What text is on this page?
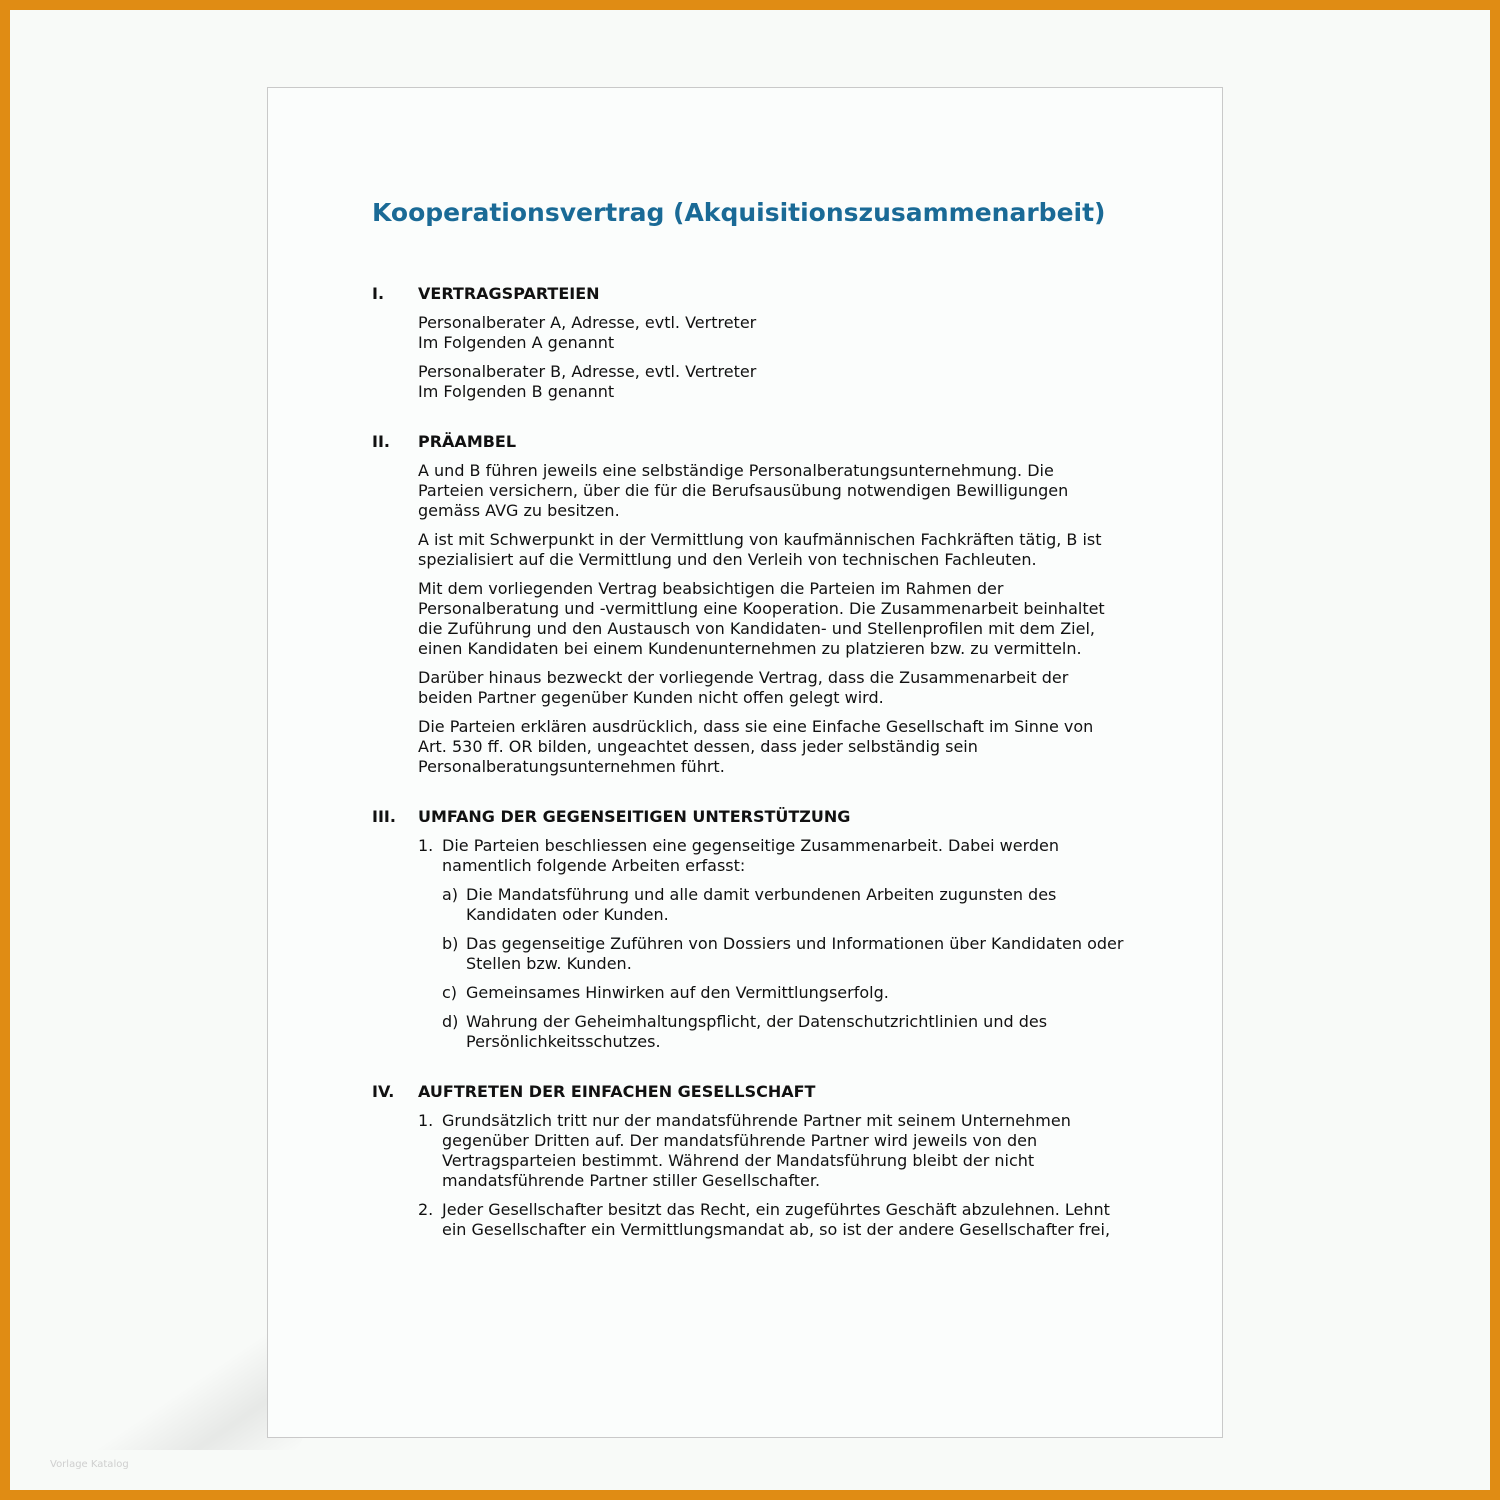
Vorlage Katalog
Kooperationsvertrag (Akquisitionszusammenarbeit)
I.	VERTRAGSPARTEIEN
Personalberater A, Adresse, evtl. Vertreter
Im Folgenden A genannt
Personalberater B, Adresse, evtl. Vertreter
Im Folgenden B genannt
II.	PRÄAMBEL
A und B führen jeweils eine selbständige Personalberatungsunternehmung. Die
Parteien versichern, über die für die Berufsausübung notwendigen Bewilligungen
gemäss AVG zu besitzen.
A ist mit Schwerpunkt in der Vermittlung von kaufmännischen Fachkräften tätig, B ist
spezialisiert auf die Vermittlung und den Verleih von technischen Fachleuten.
Mit dem vorliegenden Vertrag beabsichtigen die Parteien im Rahmen der
Personalberatung und -vermittlung eine Kooperation. Die Zusammenarbeit beinhaltet
die Zuführung und den Austausch von Kandidaten- und Stellenprofilen mit dem Ziel,
einen Kandidaten bei einem Kundenunternehmen zu platzieren bzw. zu vermitteln.
Darüber hinaus bezweckt der vorliegende Vertrag, dass die Zusammenarbeit der
beiden Partner gegenüber Kunden nicht offen gelegt wird.
Die Parteien erklären ausdrücklich, dass sie eine Einfache Gesellschaft im Sinne von
Art. 530 ff. OR bilden, ungeachtet dessen, dass jeder selbständig sein
Personalberatungsunternehmen führt.
III.	UMFANG DER GEGENSEITIGEN UNTERSTÜTZUNG
1. Die Parteien beschliessen eine gegenseitige Zusammenarbeit. Dabei werden
namentlich folgende Arbeiten erfasst:
a) Die Mandatsführung und alle damit verbundenen Arbeiten zugunsten des
Kandidaten oder Kunden.
b) Das gegenseitige Zuführen von Dossiers und Informationen über Kandidaten oder
Stellen bzw. Kunden.
c) Gemeinsames Hinwirken auf den Vermittlungserfolg.
d) Wahrung der Geheimhaltungspflicht, der Datenschutzrichtlinien und des
Persönlichkeitsschutzes.
IV.	AUFTRETEN DER EINFACHEN GESELLSCHAFT
1. Grundsätzlich tritt nur der mandatsführende Partner mit seinem Unternehmen
gegenüber Dritten auf. Der mandatsführende Partner wird jeweils von den
Vertragsparteien bestimmt. Während der Mandatsführung bleibt der nicht
mandatsführende Partner stiller Gesellschafter.
2. Jeder Gesellschafter besitzt das Recht, ein zugeführtes Geschäft abzulehnen. Lehnt
ein Gesellschafter ein Vermittlungsmandat ab, so ist der andere Gesellschafter frei,
